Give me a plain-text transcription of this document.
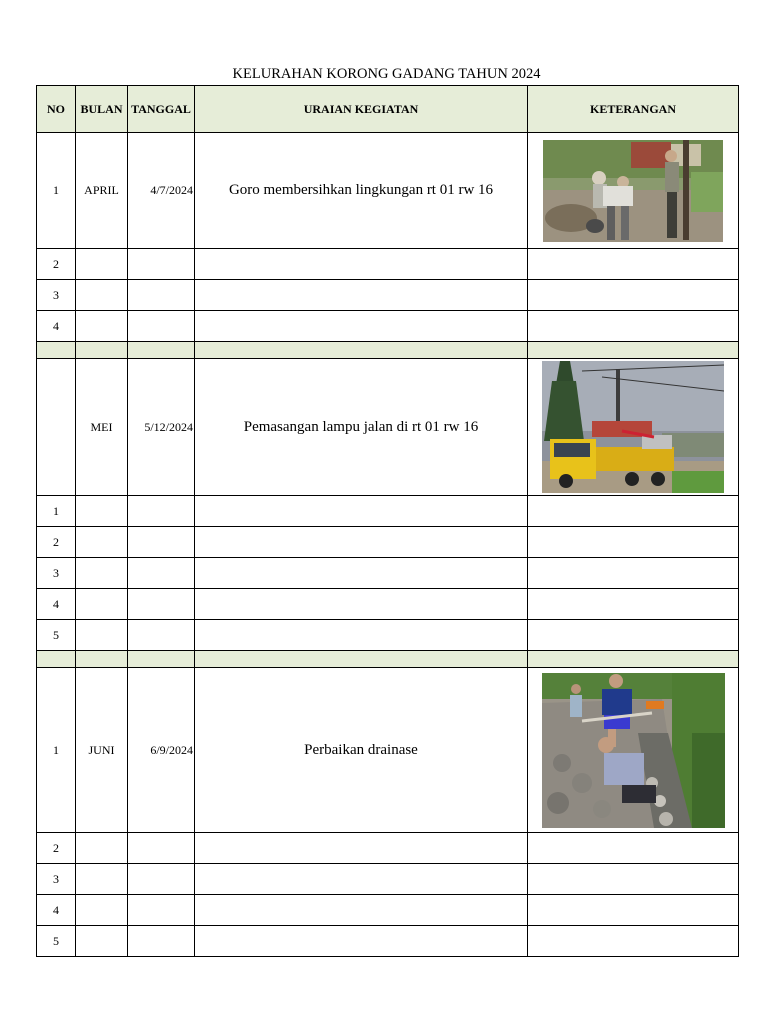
KELURAHAN KORONG GADANG TAHUN 2024
NO	BULAN	TANGGAL	URAIAN KEGIATAN	KETERANGAN
1	APRIL	4/7/2024	Goro membersihkan lingkungan rt 01 rw 16	

2				
3				
4				

	MEI	5/12/2024	Pemasangan lampu jalan di rt 01 rw 16	

1				
2				
3				
4				
5				

1	JUNI	6/9/2024	Perbaikan drainase	

2				
3				
4				
5				
